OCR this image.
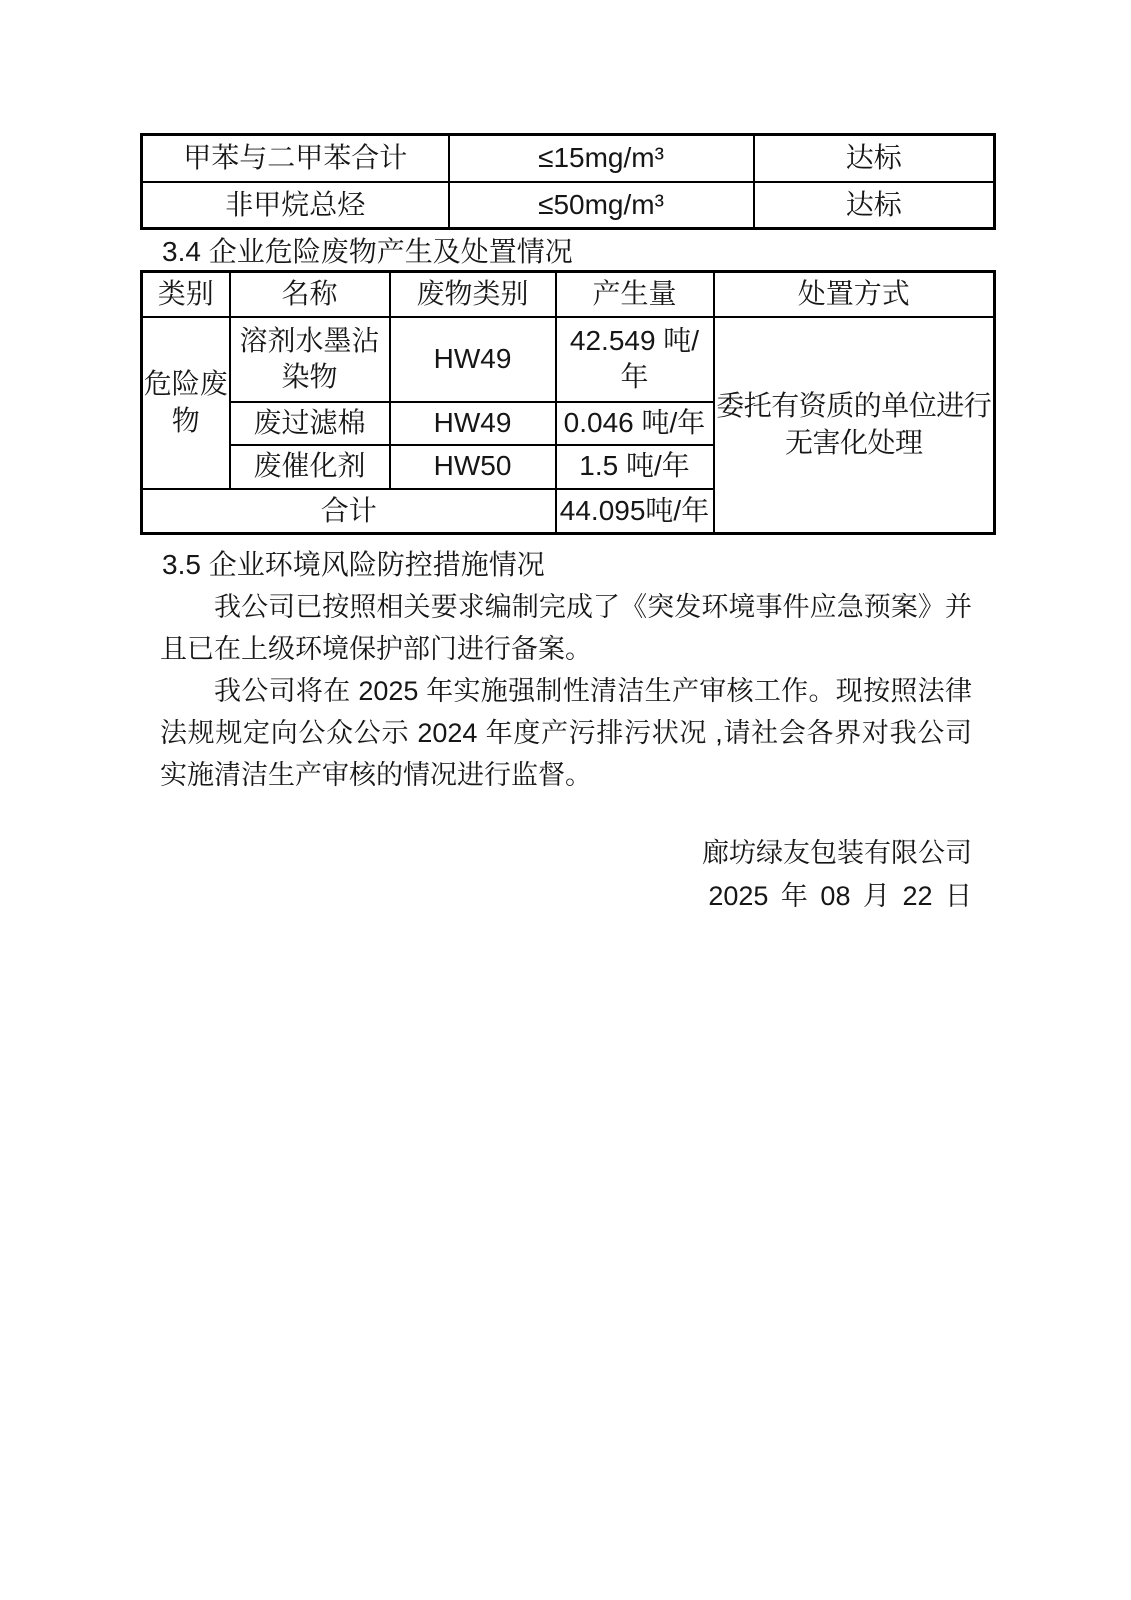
甲苯与二甲苯合计	≤15mg/m³	达标
非甲烷总烃	≤50mg/m³	达标
3.4 企业危险废物产生及处置情况
类别	名称	废物类别	产生量	处置方式
危险废物	溶剂水墨沾染物	HW49	42.549 吨/年	委托有资质的单位进行无害化处理
	废过滤棉	HW49	0.046 吨/年	
	废催化剂	HW50	1.5 吨/年	
合计			44.095吨/年	
3.5 企业环境风险防控措施情况

我公司已按照相关要求编制完成了《突发环境事件应急预案》并且已在上级环境保护部门进行备案。

我公司将在 2025 年实施强制性清洁生产审核工作。现按照法律法规规定向公众公示 2024 年度产污排污状况 ,请社会各界对我公司实施清洁生产审核的情况进行监督。

廊坊绿友包装有限公司
2025 年 08 月 22 日
